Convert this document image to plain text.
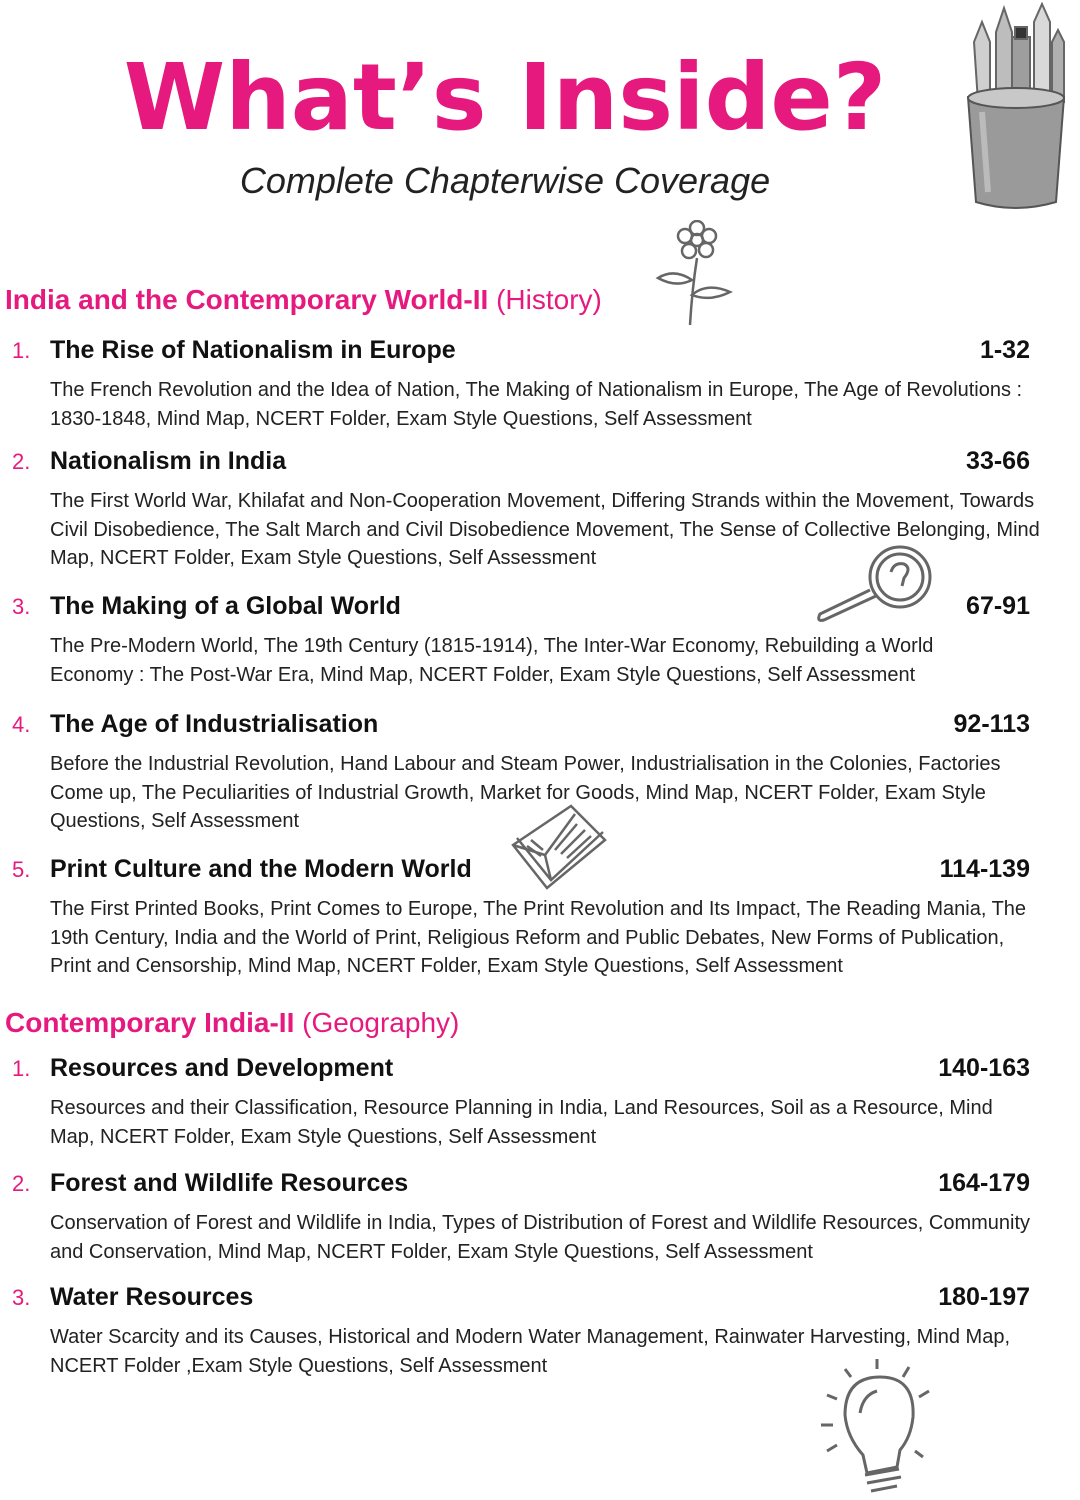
What’s Inside?

Complete Chapterwise Coverage

India and the Contemporary World-II (History)
1. The Rise of Nationalism in Europe	1-32

The French Revolution and the Idea of Nation, The Making of Nationalism in Europe, The Age of Revolutions : 1830-1848, Mind Map, NCERT Folder, Exam Style Questions, Self Assessment

2. Nationalism in India	33-66

The First World War, Khilafat and Non-Cooperation Movement, Differing Strands within the Movement, Towards Civil Disobedience, The Salt March and Civil Disobedience Movement, The Sense of Collective Belonging, Mind Map, NCERT Folder, Exam Style Questions, Self Assessment

3. The Making of a Global World	67-91

The Pre-Modern World, The 19th Century (1815-1914), The Inter-War Economy, Rebuilding a World Economy : The Post-War Era, Mind Map, NCERT Folder, Exam Style Questions, Self Assessment

4. The Age of Industrialisation	92-113

Before the Industrial Revolution, Hand Labour and Steam Power, Industrialisation in the Colonies, Factories Come up, The Peculiarities of Industrial Growth, Market for Goods, Mind Map, NCERT Folder, Exam Style Questions, Self Assessment

5. Print Culture and the Modern World	114-139

The First Printed Books, Print Comes to Europe, The Print Revolution and Its Impact, The Reading Mania, The 19th Century, India and the World of Print, Religious Reform and Public Debates, New Forms of Publication, Print and Censorship, Mind Map, NCERT Folder, Exam Style Questions, Self Assessment

Contemporary India-II (Geography)
1. Resources and Development	140-163

Resources and their Classification, Resource Planning in India, Land Resources, Soil as a Resource, Mind Map, NCERT Folder, Exam Style Questions, Self Assessment

2. Forest and Wildlife Resources	164-179

Conservation of Forest and Wildlife in India, Types of Distribution of Forest and Wildlife Resources, Community and Conservation, Mind Map, NCERT Folder, Exam Style Questions, Self Assessment

3. Water Resources	180-197

Water Scarcity and its Causes, Historical and Modern Water Management, Rainwater Harvesting, Mind Map, NCERT Folder ,Exam Style Questions, Self Assessment
